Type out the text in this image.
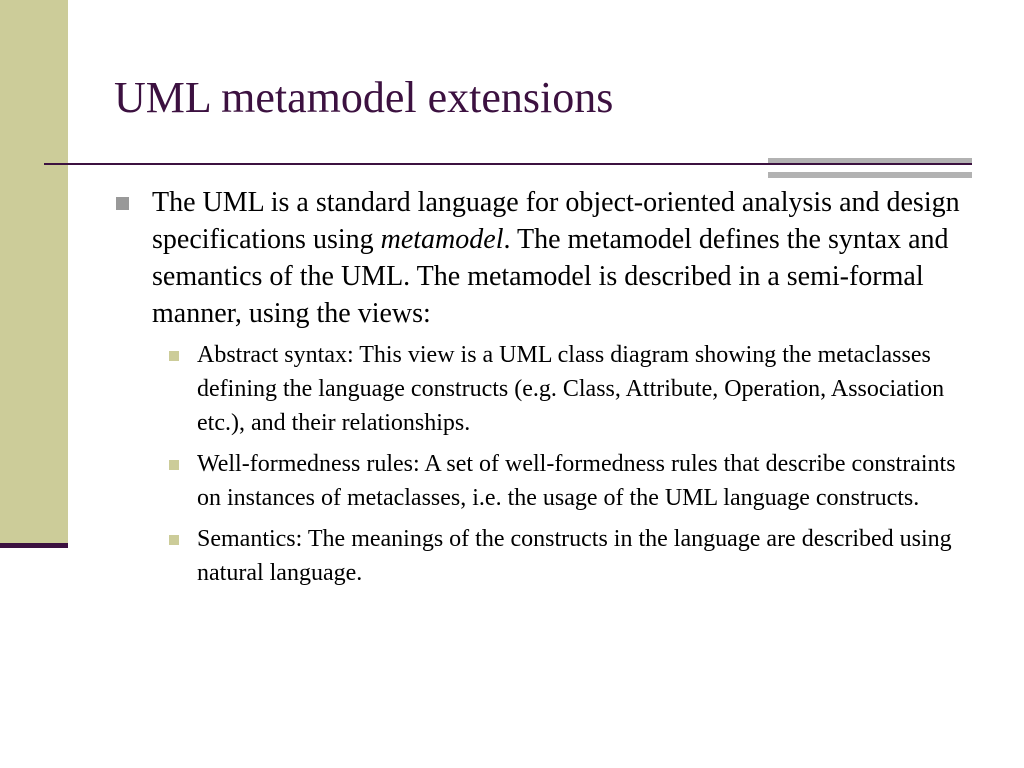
UML metamodel extensions

The UML is a standard language for object-oriented analysis and design specifications using metamodel. The metamodel defines the syntax and semantics of the UML. The metamodel is described in a semi-formal manner, using the views:

Abstract syntax: This view is a UML class diagram showing the metaclasses defining the language constructs (e.g. Class, Attribute, Operation, Association etc.), and their relationships.

Well-formedness rules: A set of well-formedness rules that describe constraints on instances of metaclasses, i.e. the usage of the UML language constructs.

Semantics: The meanings of the constructs in the language are described using natural language.
